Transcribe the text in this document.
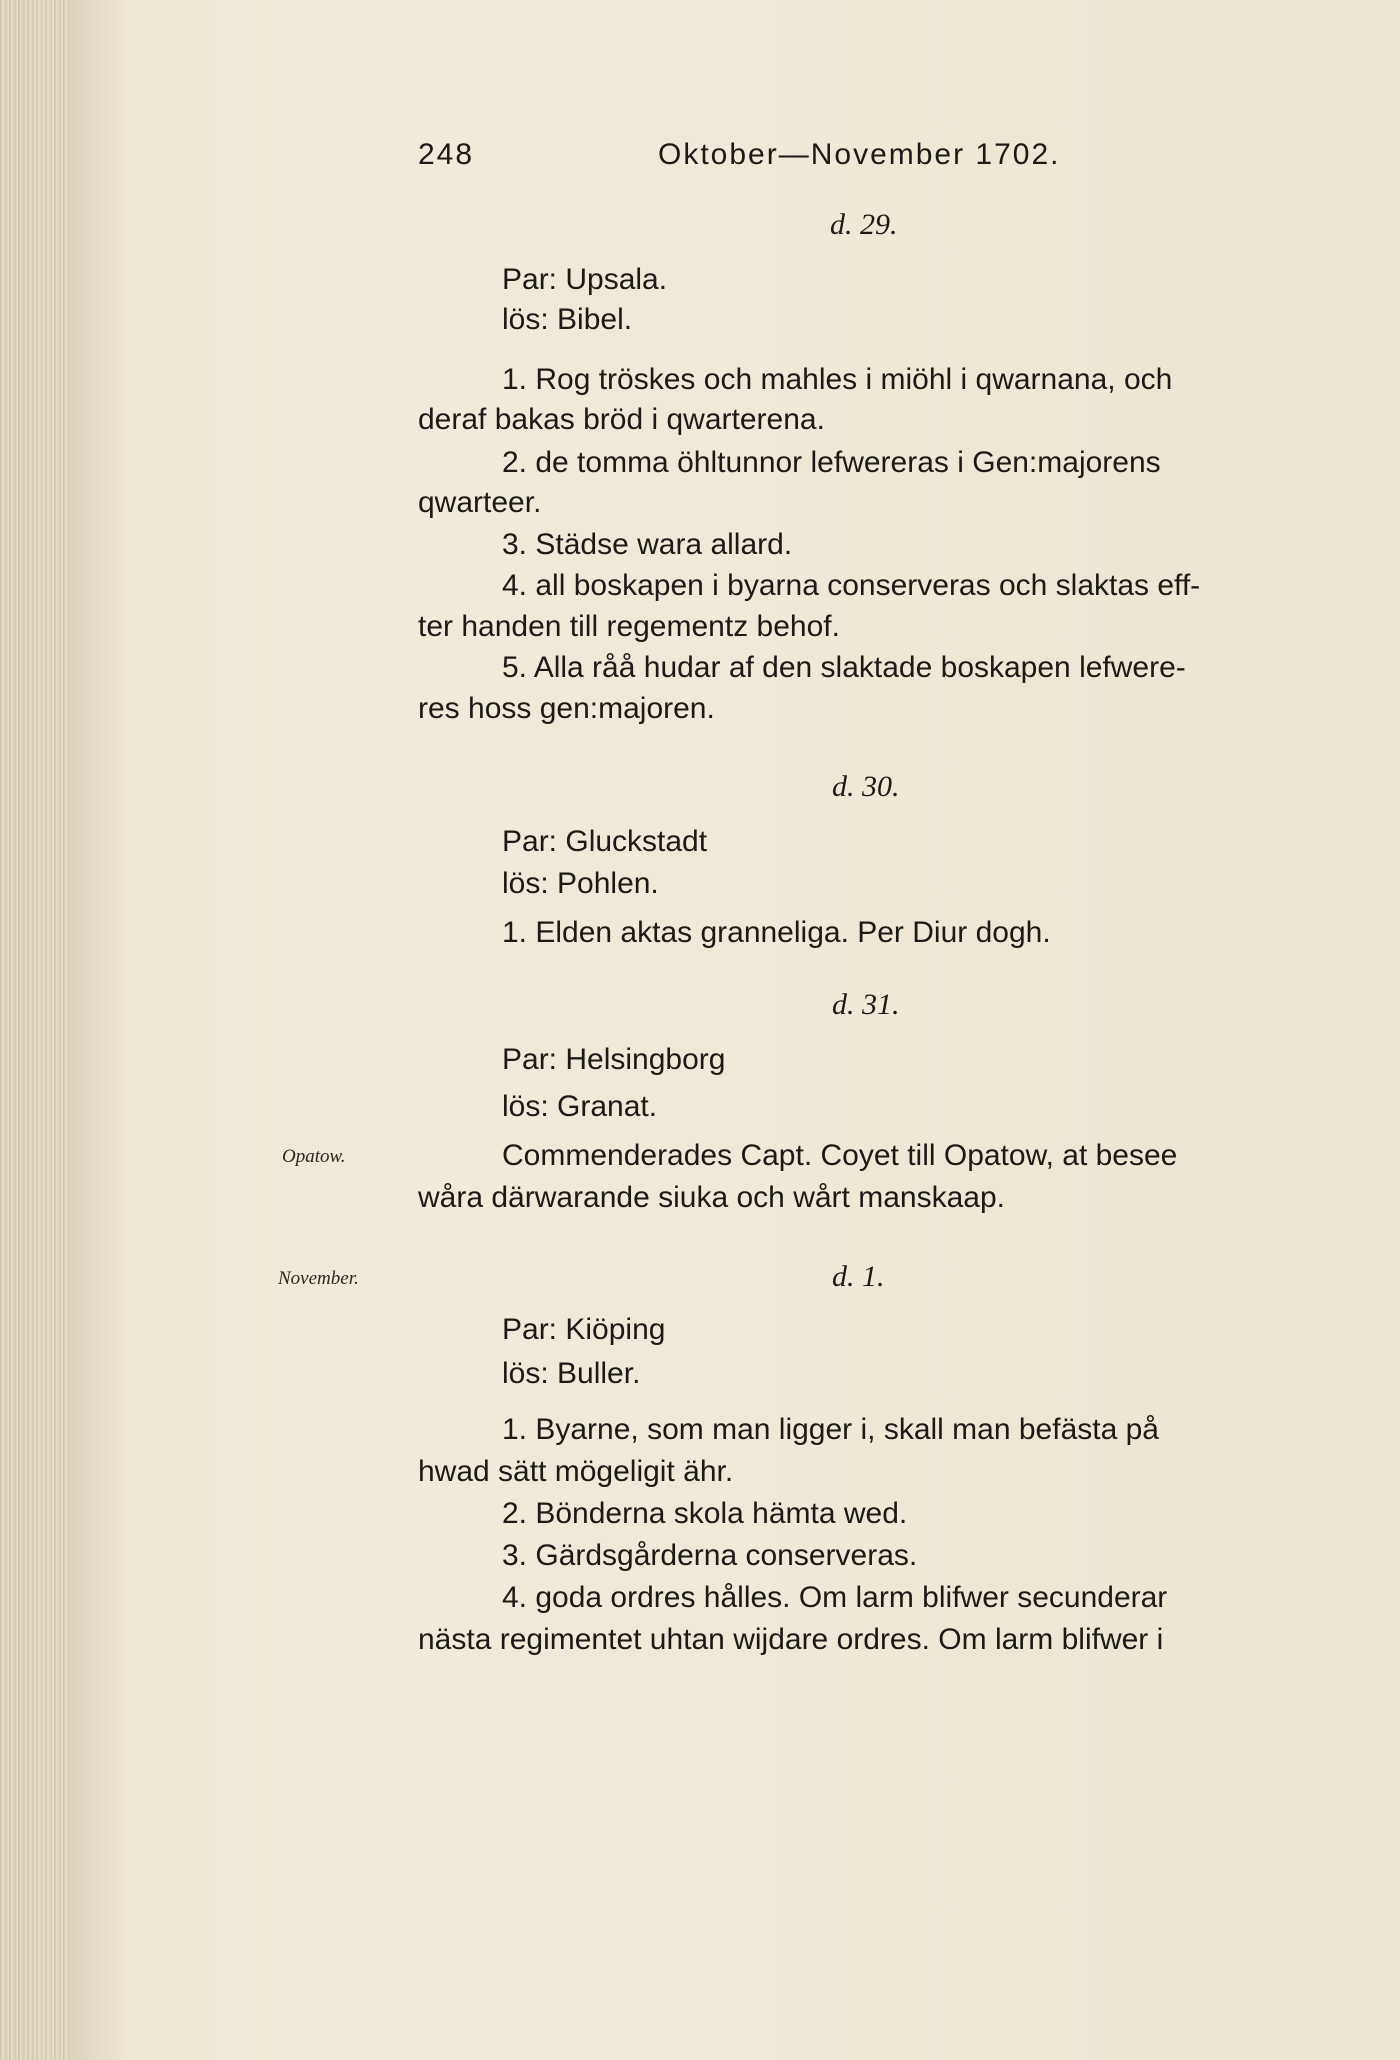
248	Oktober—November 1702.
d. 29.
Par: Upsala.
lös: Bibel.
1. Rog tröskes och mahles i miöhl i qwarnana, och
deraf bakas bröd i qwarterena.
2. de tomma öhltunnor lefwereras i Gen:majorens
qwarteer.
3. Städse wara allard.
4. all boskapen i byarna conserveras och slaktas eff-
ter handen till regementz behof.
5. Alla råå hudar af den slaktade boskapen lefwere-
res hoss gen:majoren.
d. 30.
Par: Gluckstadt
lös: Pohlen.
1. Elden aktas granneliga. Per Diur dogh.
d. 31.
Par: Helsingborg
lös: Granat.
Opatow.	Commenderades Capt. Coyet till Opatow, at besee
wåra därwarande siuka och wårt manskaap.
November.	d. 1.
Par: Kiöping
lös: Buller.
1. Byarne, som man ligger i, skall man befästa på
hwad sätt mögeligit ähr.
2. Bönderna skola hämta wed.
3. Gärdsgårderna conserveras.
4. goda ordres hålles. Om larm blifwer secunderar
nästa regimentet uhtan wijdare ordres. Om larm blifwer i
